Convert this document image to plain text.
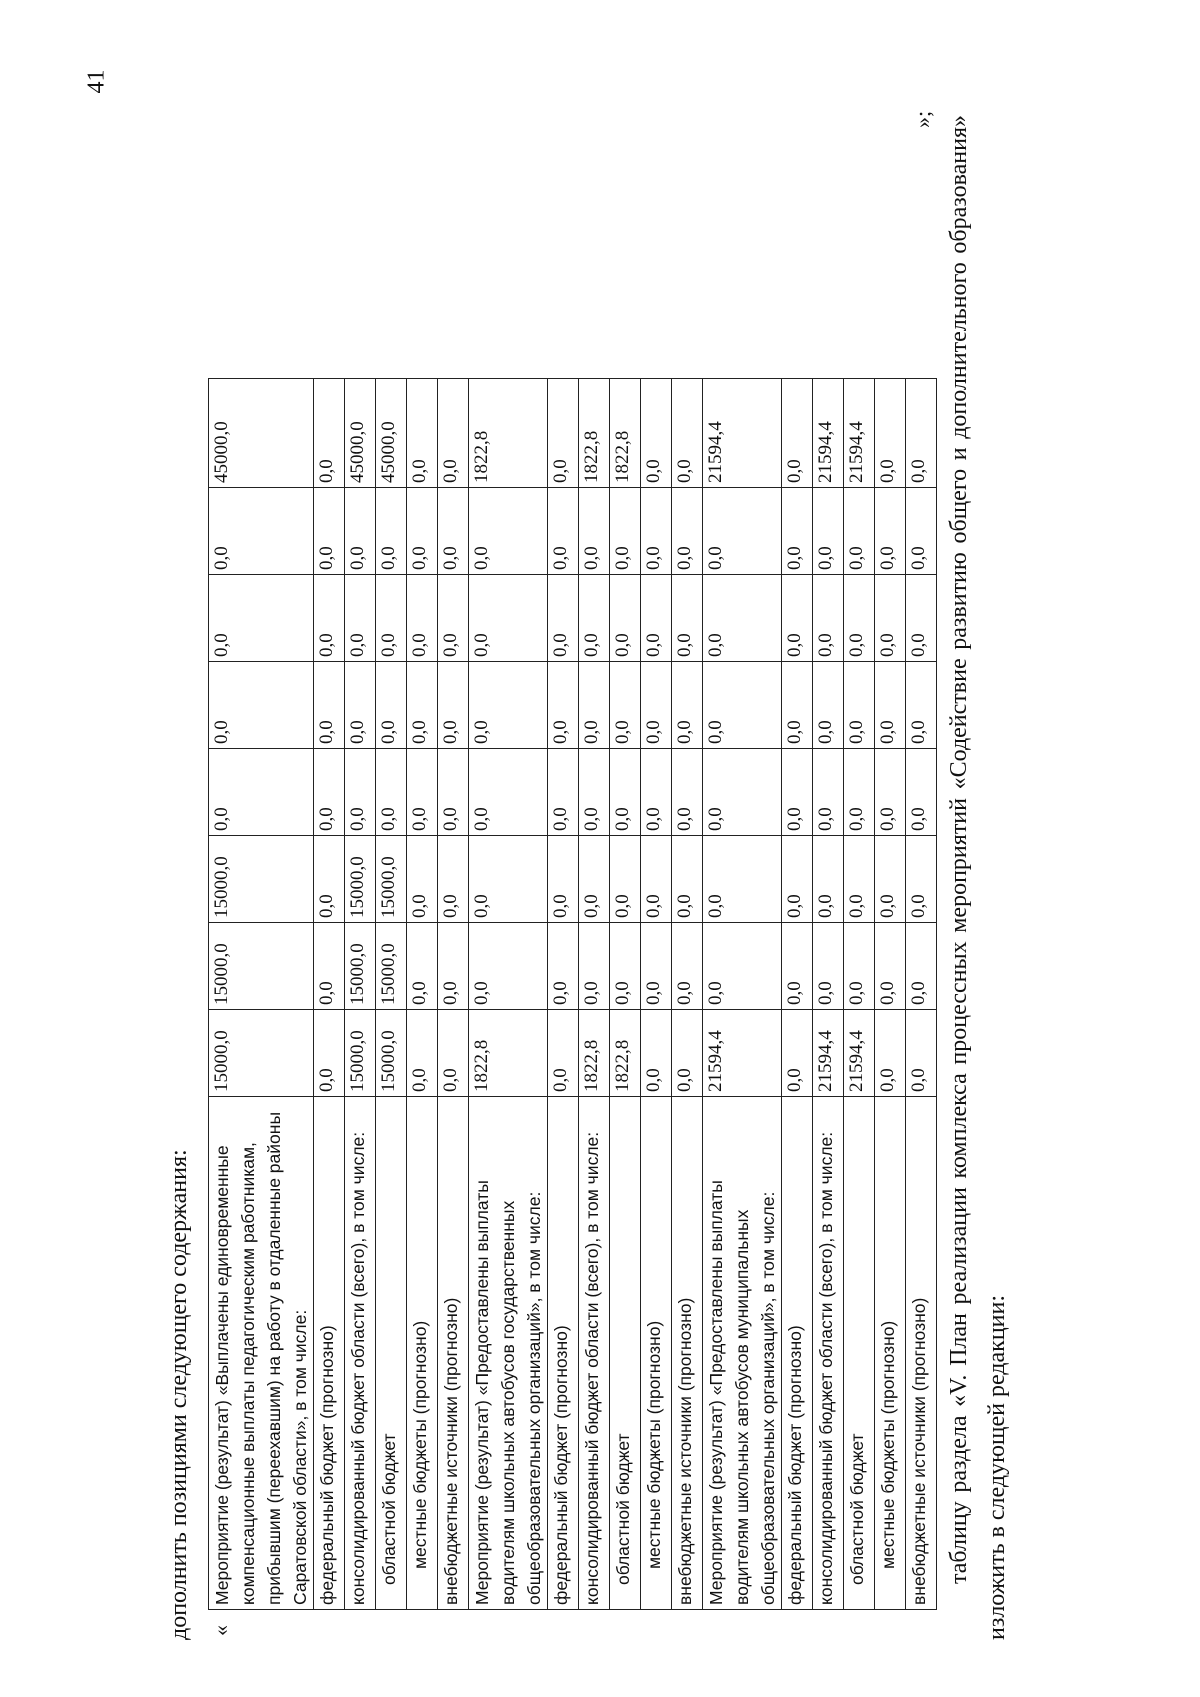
41
дополнить позициями следующего содержания: «
Мероприятие (результат) «Выплачены единовременные компенсационные выплаты педагогическим работникам, прибывшим (переехавшим) на работу в отдаленные районы Саратовской области», в том числе:	15000,0	15000,0	15000,0	0,0	0,0	0,0	0,0	45000,0
федеральный бюджет (прогнозно)	0,0	0,0	0,0	0,0	0,0	0,0	0,0	0,0
консолидированный бюджет области (всего), в том числе:	15000,0	15000,0	15000,0	0,0	0,0	0,0	0,0	45000,0
областной бюджет	15000,0	15000,0	15000,0	0,0	0,0	0,0	0,0	45000,0
местные бюджеты (прогнозно)	0,0	0,0	0,0	0,0	0,0	0,0	0,0	0,0
внебюджетные источники (прогнозно)	0,0	0,0	0,0	0,0	0,0	0,0	0,0	0,0
Мероприятие (результат) «Предоставлены выплаты водителям школьных автобусов государственных общеобразовательных организаций», в том числе:	1822,8	0,0	0,0	0,0	0,0	0,0	0,0	1822,8
федеральный бюджет (прогнозно)	0,0	0,0	0,0	0,0	0,0	0,0	0,0	0,0
консолидированный бюджет области (всего), в том числе:	1822,8	0,0	0,0	0,0	0,0	0,0	0,0	1822,8
областной бюджет	1822,8	0,0	0,0	0,0	0,0	0,0	0,0	1822,8
местные бюджеты (прогнозно)	0,0	0,0	0,0	0,0	0,0	0,0	0,0	0,0
внебюджетные источники (прогнозно)	0,0	0,0	0,0	0,0	0,0	0,0	0,0	0,0
Мероприятие (результат) «Предоставлены выплаты водителям школьных автобусов муниципальных общеобразовательных организаций», в том числе:	21594,4	0,0	0,0	0,0	0,0	0,0	0,0	21594,4
федеральный бюджет (прогнозно)	0,0	0,0	0,0	0,0	0,0	0,0	0,0	0,0
консолидированный бюджет области (всего), в том числе:	21594,4	0,0	0,0	0,0	0,0	0,0	0,0	21594,4
областной бюджет	21594,4	0,0	0,0	0,0	0,0	0,0	0,0	21594,4
местные бюджеты (прогнозно)	0,0	0,0	0,0	0,0	0,0	0,0	0,0	0,0
внебюджетные источники (прогнозно)	0,0	0,0	0,0	0,0	0,0	0,0	0,0	0,0
»; таблицу раздела «V. План реализации комплекса процессных мероприятий «Содействие развитию общего и дополнительного образования» изложить в следующей редакции:
